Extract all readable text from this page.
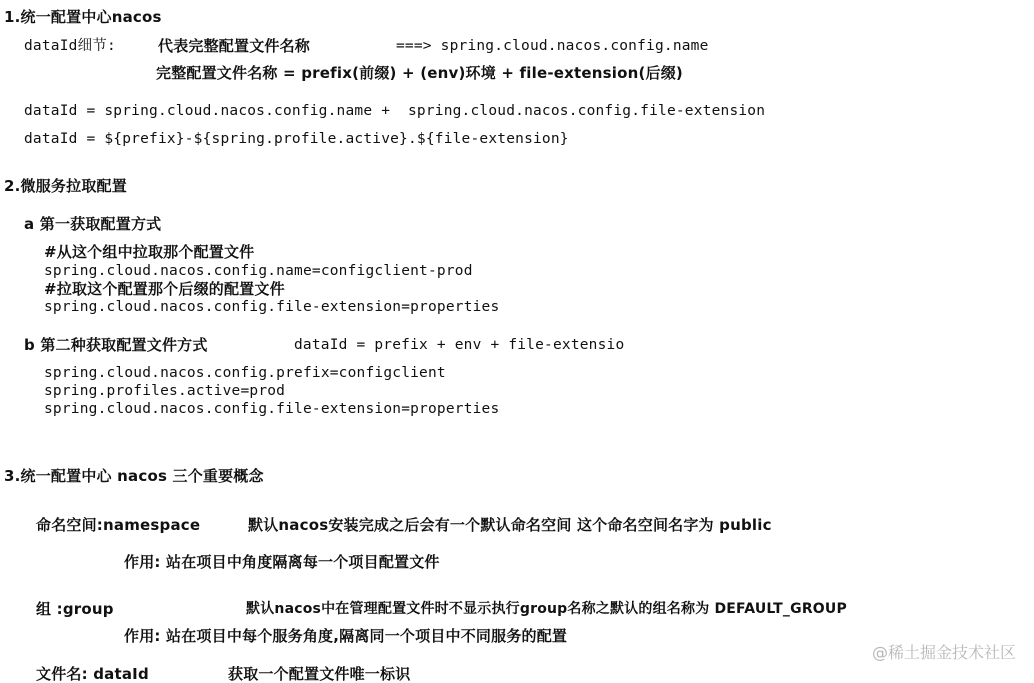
1.统一配置中心nacos
dataId细节:	代表完整配置文件名称	===> spring.cloud.nacos.config.name
完整配置文件名称 = prefix(前缀) + (env)环境 + file-extension(后缀)
dataId = spring.cloud.nacos.config.name +  spring.cloud.nacos.config.file-extension
dataId = ${prefix}-${spring.profile.active}.${file-extension}
2.微服务拉取配置
a 第一获取配置方式
#从这个组中拉取那个配置文件
spring.cloud.nacos.config.name=configclient-prod
#拉取这个配置那个后缀的配置文件
spring.cloud.nacos.config.file-extension=properties
b 第二种获取配置文件方式	dataId = prefix + env + file-extensio
spring.cloud.nacos.config.prefix=configclient
spring.profiles.active=prod
spring.cloud.nacos.config.file-extension=properties
3.统一配置中心 nacos 三个重要概念
命名空间:namespace	默认nacos安装完成之后会有一个默认命名空间 这个命名空间名字为 public
作用: 站在项目中角度隔离每一个项目配置文件
组 :group	默认nacos中在管理配置文件时不显示执行group名称之默认的组名称为 DEFAULT_GROUP
作用: 站在项目中每个服务角度,隔离同一个项目中不同服务的配置
文件名: dataId	获取一个配置文件唯一标识
@稀土掘金技术社区
